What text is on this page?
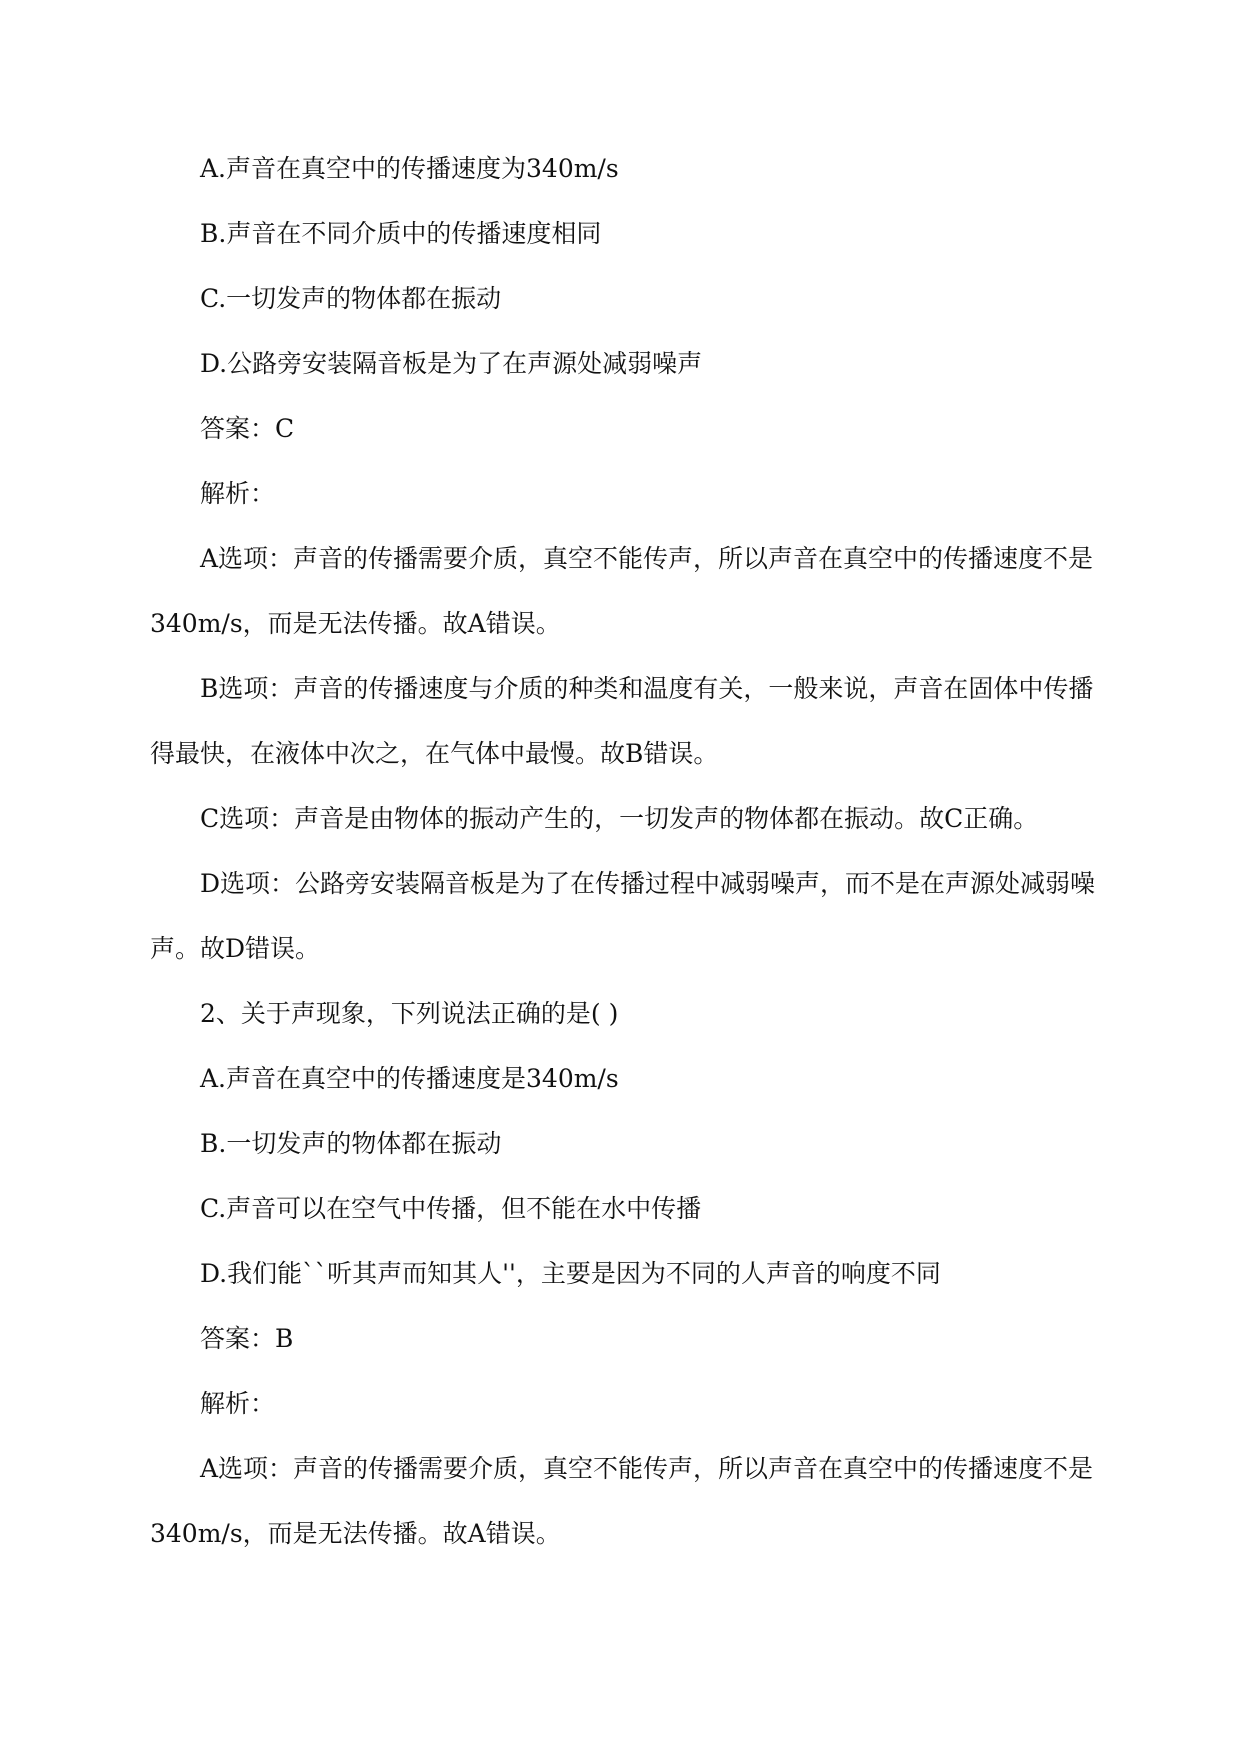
A.声音在真空中的传播速度为340m/s
B.声音在不同介质中的传播速度相同
C.一切发声的物体都在振动
D.公路旁安装隔音板是为了在声源处减弱噪声
答案：C
解析：
A选项：声音的传播需要介质，真空不能传声，所以声音在真空中的传播速度不是
340m/s，而是无法传播。故A错误。
B选项：声音的传播速度与介质的种类和温度有关，一般来说，声音在固体中传播
得最快，在液体中次之，在气体中最慢。故B错误。
C选项：声音是由物体的振动产生的，一切发声的物体都在振动。故C正确。
D选项：公路旁安装隔音板是为了在传播过程中减弱噪声，而不是在声源处减弱噪
声。故D错误。
2、关于声现象，下列说法正确的是( )
A.声音在真空中的传播速度是340m/s
B.一切发声的物体都在振动
C.声音可以在空气中传播，但不能在水中传播
D.我们能``听其声而知其人''，主要是因为不同的人声音的响度不同
答案：B
解析：
A选项：声音的传播需要介质，真空不能传声，所以声音在真空中的传播速度不是
340m/s，而是无法传播。故A错误。
